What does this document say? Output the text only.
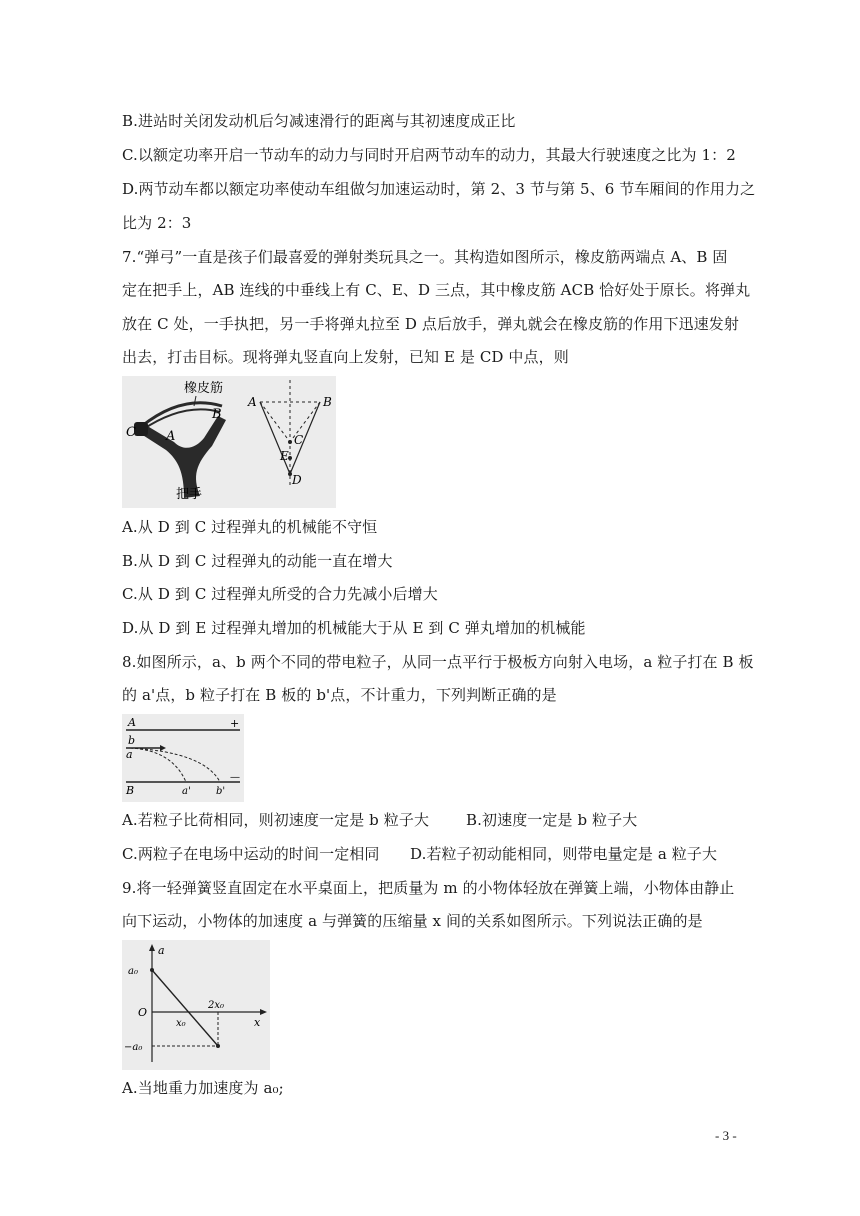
B.进站时关闭发动机后匀减速滑行的距离与其初速度成正比
C.以额定功率开启一节动车的动力与同时开启两节动车的动力，其最大行驶速度之比为 1：2
D.两节动车都以额定功率使动车组做匀加速运动时，第 2、3 节与第 5、6 节车厢间的作用力之
比为 2：3
7.“弹弓”一直是孩子们最喜爱的弹射类玩具之一。其构造如图所示，橡皮筋两端点 A、B 固
定在把手上，AB 连线的中垂线上有 C、E、D 三点，其中橡皮筋 ACB 恰好处于原长。将弹丸
放在 C 处，一手执把，另一手将弹丸拉至 D 点后放手，弹丸就会在橡皮筋的作用下迅速发射
出去，打击目标。现将弹丸竖直向上发射，已知 E 是 CD 中点，则
橡皮筋
把手
C A
B
A	B
C
E
D
A.从 D 到 C 过程弹丸的机械能不守恒
B.从 D 到 C 过程弹丸的动能一直在增大
C.从 D 到 C 过程弹丸所受的合力先减小后增大
D.从 D 到 E 过程弹丸增加的机械能大于从 E 到 C 弹丸增加的机械能
8.如图所示，a、b 两个不同的带电粒子，从同一点平行于极板方向射入电场，a 粒子打在 B 板
的 a'点，b 粒子打在 B 板的 b'点，不计重力，下列判断正确的是
A	+
b
a
B
—
a'	b'
A.若粒子比荷相同，则初速度一定是 b 粒子大 B.初速度一定是 b 粒子大
C.两粒子在电场中运动的时间一定相同 D.若粒子初动能相同，则带电量定是 a 粒子大
9.将一轻弹簧竖直固定在水平桌面上，把质量为 m 的小物体轻放在弹簧上端，小物体由静止
向下运动，小物体的加速度 a 与弹簧的压缩量 x 间的关系如图所示。下列说法正确的是
a
x
O
a₀
−a₀
x₀
2x₀
A.当地重力加速度为 a₀;
- 3 -
